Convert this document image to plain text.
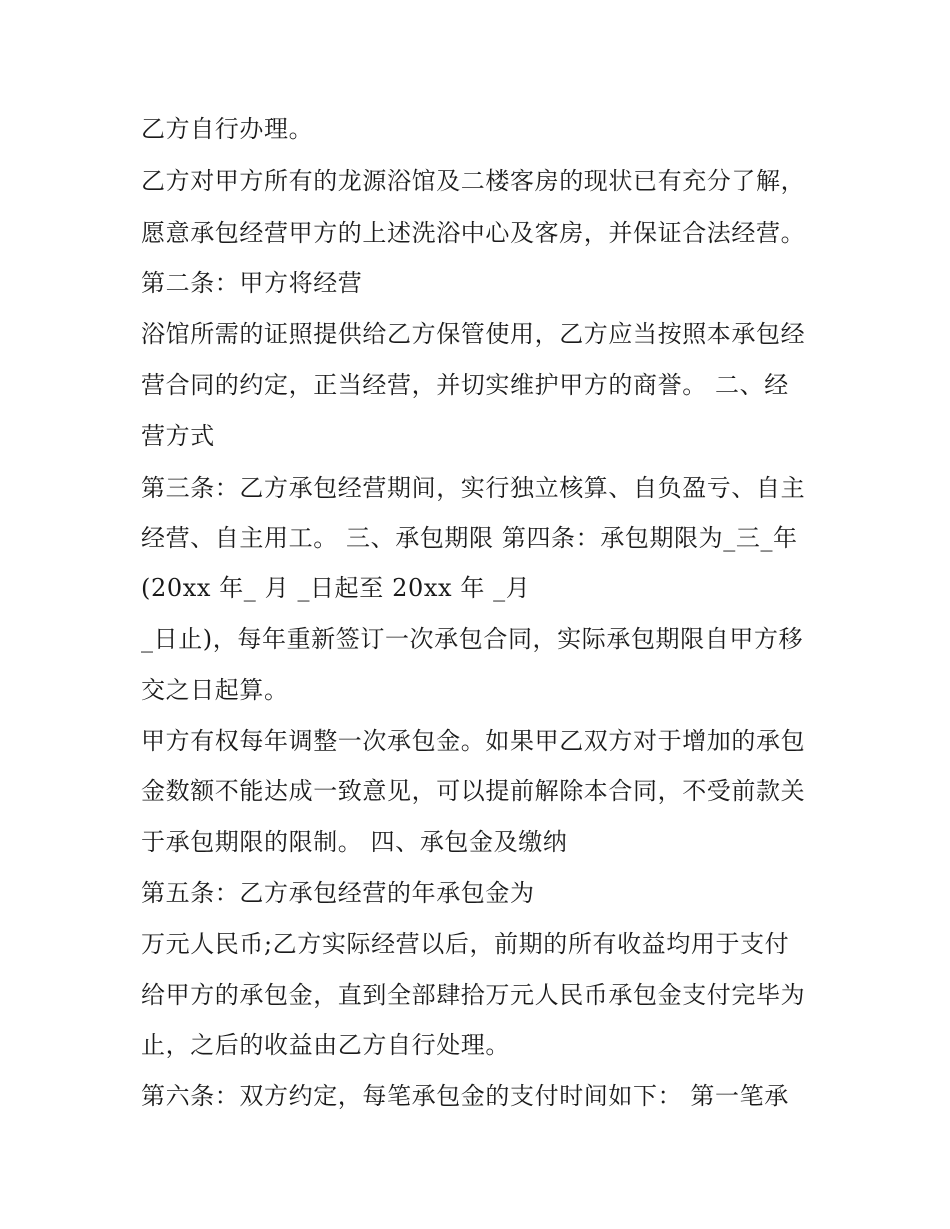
乙方自行办理。
乙方对甲方所有的龙源浴馆及二楼客房的现状已有充分了解，
愿意承包经营甲方的上述洗浴中心及客房，并保证合法经营。
第二条：甲方将经营
浴馆所需的证照提供给乙方保管使用，乙方应当按照本承包经
营合同的约定，正当经营，并切实维护甲方的商誉。 二、经
营方式
第三条：乙方承包经营期间，实行独立核算、自负盈亏、自主
经营、自主用工。 三、承包期限 第四条：承包期限为_三_年
(20xx 年_ 月 _日起至 20xx 年 _月
_日止)，每年重新签订一次承包合同，实际承包期限自甲方移
交之日起算。
甲方有权每年调整一次承包金。如果甲乙双方对于增加的承包
金数额不能达成一致意见，可以提前解除本合同，不受前款关
于承包期限的限制。 四、承包金及缴纳
第五条：乙方承包经营的年承包金为
万元人民币;乙方实际经营以后，前期的所有收益均用于支付
给甲方的承包金，直到全部肆拾万元人民币承包金支付完毕为
止，之后的收益由乙方自行处理。
第六条：双方约定，每笔承包金的支付时间如下： 第一笔承
